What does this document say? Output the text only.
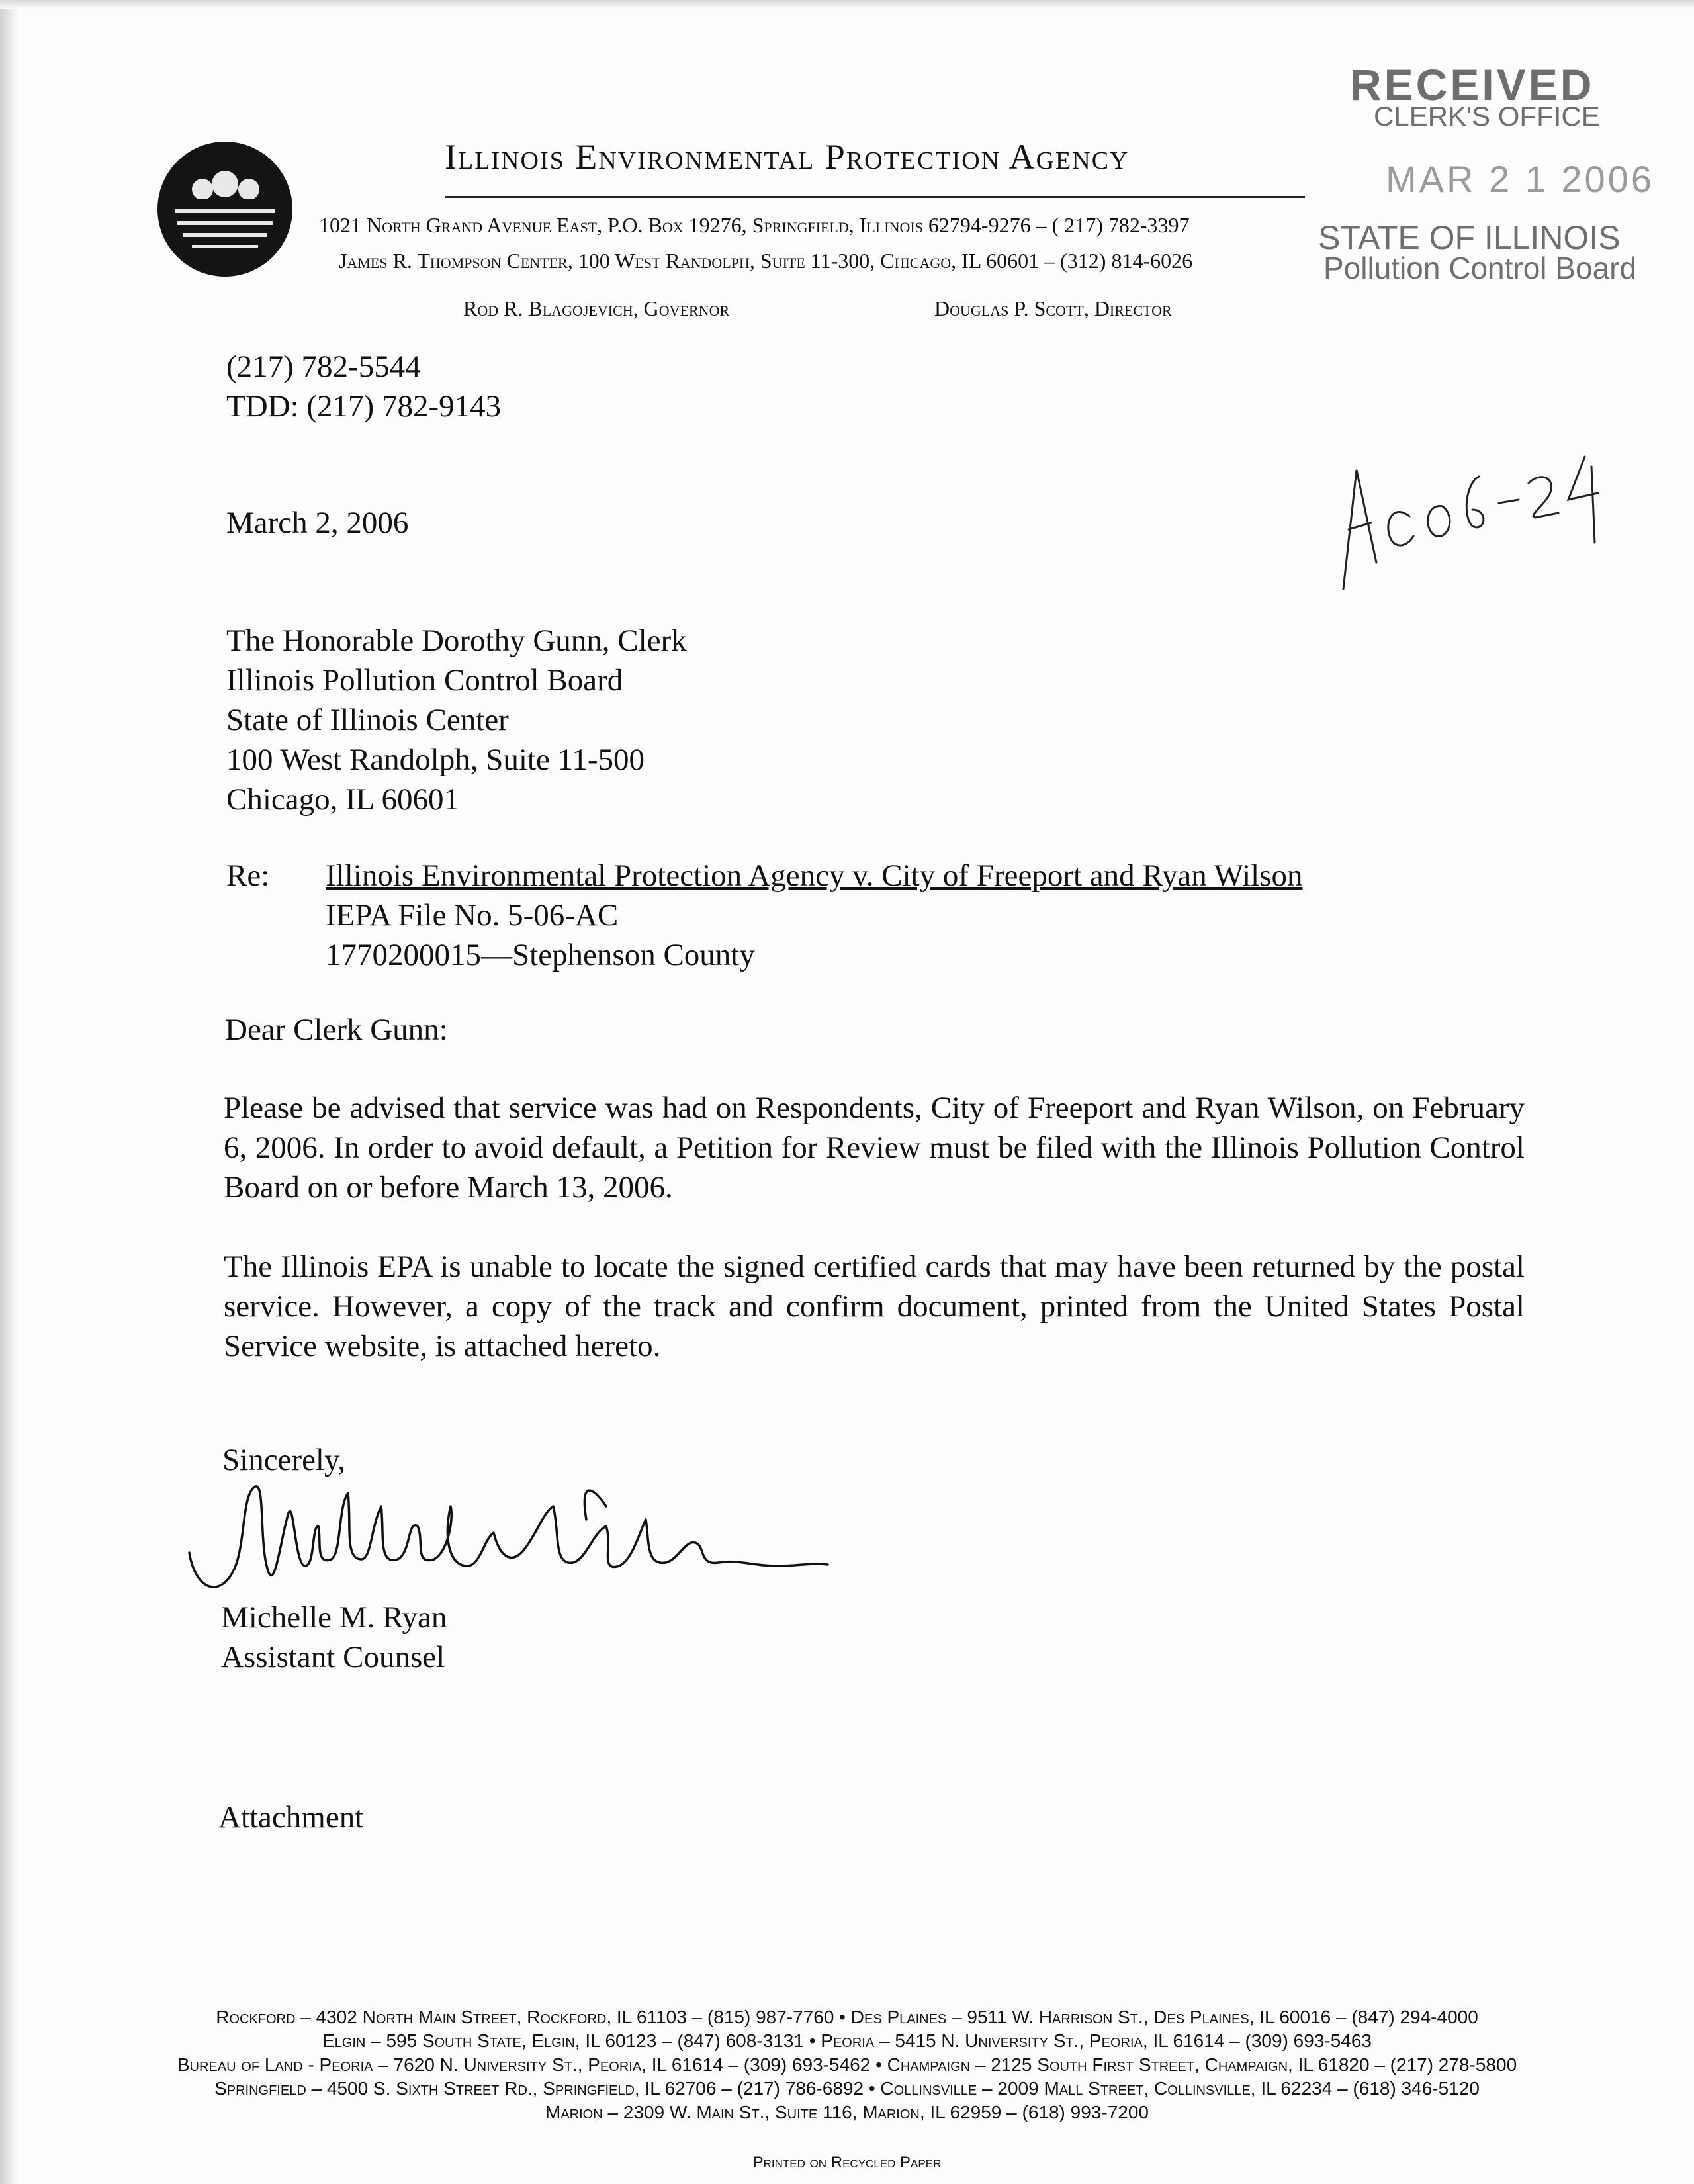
Illinois Environmental Protection Agency
1021 North Grand Avenue East, P.O. Box 19276, Springfield, Illinois 62794-9276 – ( 217) 782-3397
James R. Thompson Center, 100 West Randolph, Suite 11-300, Chicago, IL 60601 – (312) 814-6026
Rod R. Blagojevich, Governor	Douglas P. Scott, Director
RECEIVED
CLERK'S OFFICE
MAR 2 1 2006
STATE OF ILLINOIS
Pollution Control Board
(217) 782-5544
TDD: (217) 782-9143
March 2, 2006
The Honorable Dorothy Gunn, Clerk
Illinois Pollution Control Board
State of Illinois Center
100 West Randolph, Suite 11-500
Chicago, IL 60601
Re: Illinois Environmental Protection Agency v. City of Freeport and Ryan Wilson
IEPA File No. 5-06-AC
1770200015—Stephenson County
Dear Clerk Gunn:
Please be advised that service was had on Respondents, City of Freeport and Ryan Wilson, on February 6, 2006. In order to avoid default, a Petition for Review must be filed with the Illinois Pollution Control Board on or before March 13, 2006.
The Illinois EPA is unable to locate the signed certified cards that may have been returned by the postal service. However, a copy of the track and confirm document, printed from the United States Postal Service website, is attached hereto.
Sincerely,
Michelle M. Ryan
Assistant Counsel
Attachment
Rockford – 4302 North Main Street, Rockford, IL 61103 – (815) 987-7760 • Des Plaines – 9511 W. Harrison St., Des Plaines, IL 60016 – (847) 294-4000
Elgin – 595 South State, Elgin, IL 60123 – (847) 608-3131 • Peoria – 5415 N. University St., Peoria, IL 61614 – (309) 693-5463
Bureau of Land - Peoria – 7620 N. University St., Peoria, IL 61614 – (309) 693-5462 • Champaign – 2125 South First Street, Champaign, IL 61820 – (217) 278-5800
Springfield – 4500 S. Sixth Street Rd., Springfield, IL 62706 – (217) 786-6892 • Collinsville – 2009 Mall Street, Collinsville, IL 62234 – (618) 346-5120
Marion – 2309 W. Main St., Suite 116, Marion, IL 62959 – (618) 993-7200
Printed on Recycled Paper
